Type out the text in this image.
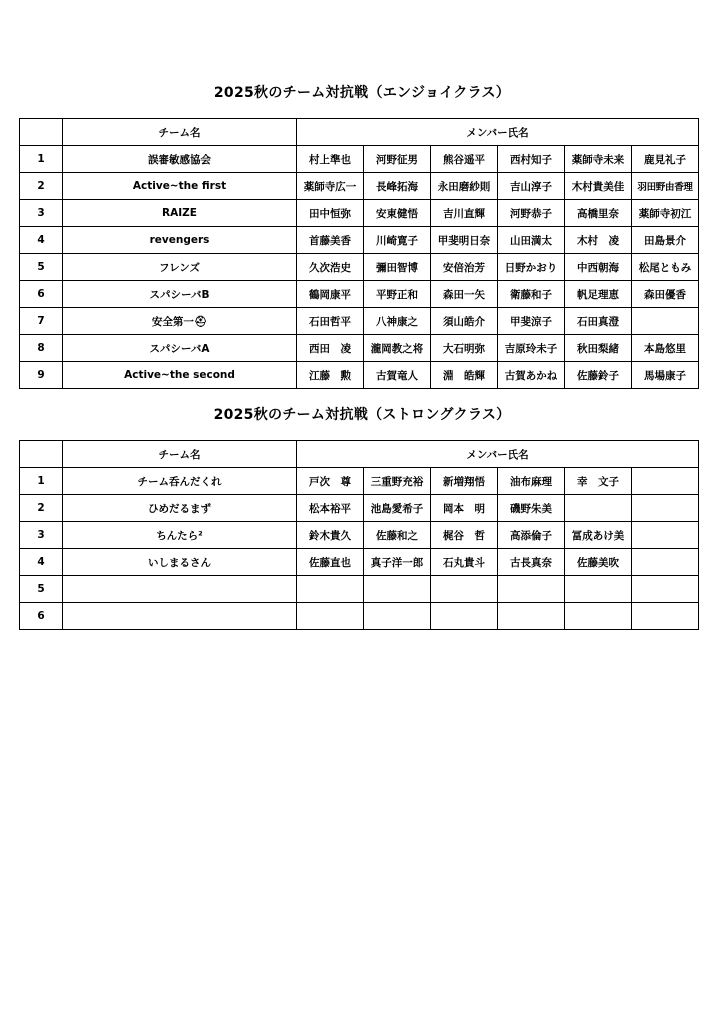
2025秋のチーム対抗戦（エンジョイクラス）
	チーム名	メンバー氏名					
1	誤審敏感協会	村上準也	河野征男	熊谷遥平	西村知子	薬師寺未来	鹿見礼子
2	Active~the first	薬師寺広一	長峰拓海	永田磨紗則	吉山淳子	木村貴美佳	羽田野由香理
3	RAIZE	田中恒弥	安東健悟	吉川直輝	河野恭子	高橋里奈	薬師寺初江
4	revengers	首藤美香	川崎寛子	甲斐明日奈	山田満太	木村　凌	田島景介
5	フレンズ	久次浩史	彌田智博	安倍治芳	日野かおり	中西朝海	松尾ともみ
6	スパシーバB	鶴岡康平	平野正和	森田一矢	衛藤和子	帆足理恵	森田優香
7	安全第一⛑	石田哲平	八神康之	須山皓介	甲斐涼子	石田真澄	
8	スパシーバA	西田　凌	瀧岡教之将	大石明弥	吉原玲未子	秋田梨緒	本島悠里
9	Active~the second	江藤　勲	古賀竜人	淵　皓輝	古賀あかね	佐藤鈴子	馬場康子
2025秋のチーム対抗戦（ストロングクラス）
	チーム名	メンバー氏名					
1	チーム呑んだくれ	戸次　尊	三重野充裕	新増翔悟	油布麻理	幸　文子	
2	ひめだるまず	松本裕平	池島愛希子	岡本　明	磯野朱美		
3	ちんたら²	鈴木貴久	佐藤和之	梶谷　哲	高添倫子	冨成あけ美	
4	いしまるさん	佐藤直也	真子洋一郎	石丸貴斗	古長真奈	佐藤美吹	
5							
6							
